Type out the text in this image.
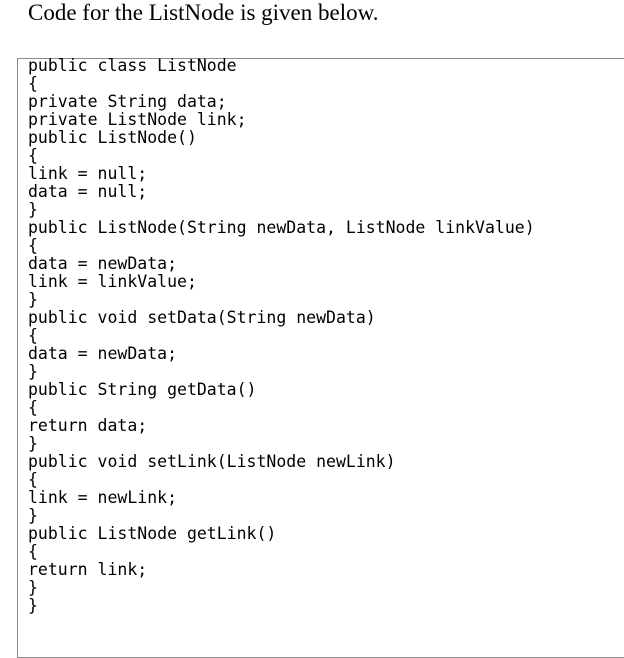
Code for the ListNode is given below.
public class ListNode
{
private String data;
private ListNode link;
public ListNode()
{
link = null;
data = null;
}
public ListNode(String newData, ListNode linkValue)
{
data = newData;
link = linkValue;
}
public void setData(String newData)
{
data = newData;
}
public String getData()
{
return data;
}
public void setLink(ListNode newLink)
{
link = newLink;
}
public ListNode getLink()
{
return link;
}
}
